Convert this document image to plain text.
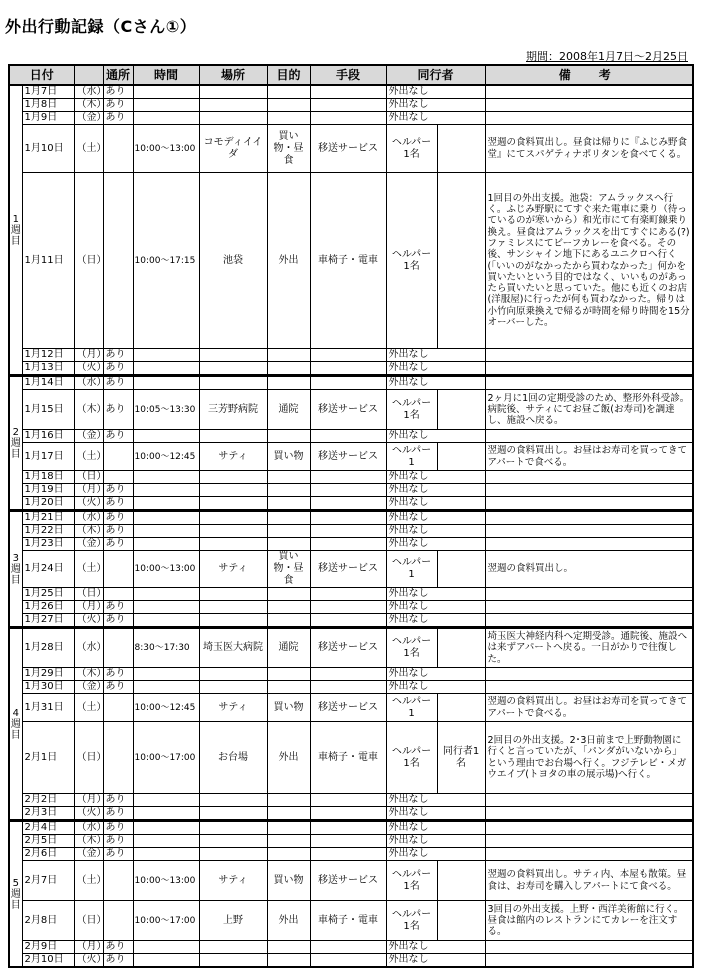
外出行動記録（Cさん①）
期間：2008年1月7日～2月25日
日付			通所	時間	場所	目的	手段	同行者		備　考
1週目	1月7日	（水）	あり					外出なし		
	1月8日	（木）	あり					外出なし		
	1月9日	（金）	あり					外出なし		
	1月10日	（土）		10:00～13:00	コモディイイダ	買い物・昼食	移送サービス	ヘルパー 1名		翌週の食料買出し。昼食は帰りに『ふじみ野食堂』にてスパゲティナポリタンを食べてくる。
	1月11日	（日）		10:00～17:15	池袋	外出	車椅子・電車	ヘルパー 1名		1回目の外出支援。池袋：アムラックスへ行く。ふじみ野駅にてすぐ来た電車に乗り（待っているのが寒いから）和光市にて有楽町線乗り換え。昼食はアムラックスを出てすぐにある(?)ファミレスにてビーフカレーを食べる。その後、サンシャイン地下にあるユニクロへ行く(「いいのがなかったから買わなかった」何かを買いたいという目的ではなく、いいものがあったら買いたいと思っていた。他にも近くのお店(洋服屋)に行ったが何も買わなかった。帰りは小竹向原乗換えで帰るが時間を帰り時間を15分オーバーした。
	1月12日	（月）	あり					外出なし		
	1月13日	（火）	あり					外出なし		
2週目	1月14日	（水）	あり					外出なし		
	1月15日	（木）	あり	10:05～13:30	三芳野病院	通院	移送サービス	ヘルパー 1名		2ヶ月に1回の定期受診のため、整形外科受診。病院後、サティにてお昼ご飯(お寿司)を調達し、施設へ戻る。
	1月16日	（金）	あり					外出なし		
	1月17日	（土）		10:00～12:45	サティ	買い物	移送サービス	ヘルパー 1		翌週の食料買出し。お昼はお寿司を買ってきてアパートで食べる。
	1月18日	（日）						外出なし		
	1月19日	（月）	あり					外出なし		
	1月20日	（火）	あり					外出なし		
3週目	1月21日	（水）	あり					外出なし		
	1月22日	（木）	あり					外出なし		
	1月23日	（金）	あり					外出なし		
	1月24日	（土）		10:00～13:00	サティ	買い物・昼食	移送サービス	ヘルパー 1		翌週の食料買出し。
	1月25日	（日）						外出なし		
	1月26日	（月）	あり					外出なし		
	1月27日	（火）	あり					外出なし		
4週目	1月28日	（水）		8:30～17:30	埼玉医大病院	通院	移送サービス	ヘルパー 1名		埼玉医大神経内科へ定期受診。通院後、施設へは来ずアパートへ戻る。一日がかりで往復した。
	1月29日	（木）	あり					外出なし		
	1月30日	（金）	あり					外出なし		
	1月31日	（土）		10:00～12:45	サティ	買い物	移送サービス	ヘルパー 1		翌週の食料買出し。お昼はお寿司を買ってきてアパートで食べる。
	2月1日	（日）		10:00～17:00	お台場	外出	車椅子・電車	ヘルパー 1名	同行者1名	2回目の外出支援。2･3日前まで上野動物園に行くと言っていたが、「パンダがいないから」という理由でお台場へ行く。フジテレビ・メガウエイブ(トヨタの車の展示場)へ行く。
	2月2日	（月）	あり					外出なし		
	2月3日	（火）	あり					外出なし		
5週目	2月4日	（水）	あり					外出なし		
	2月5日	（木）	あり					外出なし		
	2月6日	（金）	あり					外出なし		
	2月7日	（土）		10:00～13:00	サティ	買い物	移送サービス	ヘルパー 1名		翌週の食料買出し。サティ内、本屋も散策。昼食は、お寿司を購入しアパートにて食べる。
	2月8日	（日）		10:00～17:00	上野	外出	車椅子・電車	ヘルパー 1名		3回目の外出支援。上野・西洋美術館に行く。昼食は館内のレストランにてカレーを注文する。
	2月9日	（月）	あり					外出なし		
	2月10日	（火）	あり					外出なし		
